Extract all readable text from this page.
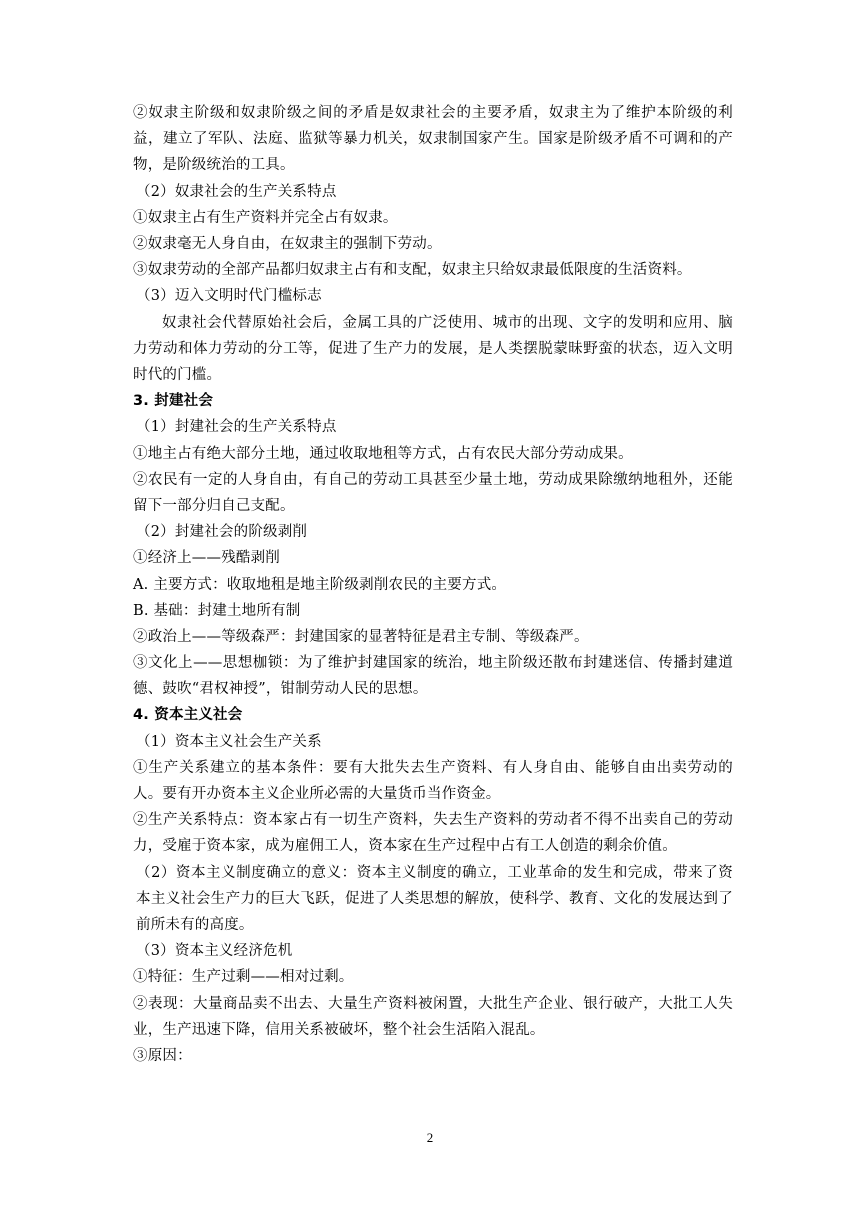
②奴隶主阶级和奴隶阶级之间的矛盾是奴隶社会的主要矛盾，奴隶主为了维护本阶级的利益，建立了军队、法庭、监狱等暴力机关，奴隶制国家产生。国家是阶级矛盾不可调和的产物，是阶级统治的工具。
（2）奴隶社会的生产关系特点
①奴隶主占有生产资料并完全占有奴隶。
②奴隶毫无人身自由，在奴隶主的强制下劳动。
③奴隶劳动的全部产品都归奴隶主占有和支配，奴隶主只给奴隶最低限度的生活资料。
（3）迈入文明时代门槛标志
奴隶社会代替原始社会后，金属工具的广泛使用、城市的出现、文字的发明和应用、脑力劳动和体力劳动的分工等，促进了生产力的发展，是人类摆脱蒙昧野蛮的状态，迈入文明时代的门槛。
3. 封建社会
（1）封建社会的生产关系特点
①地主占有绝大部分土地，通过收取地租等方式，占有农民大部分劳动成果。
②农民有一定的人身自由，有自己的劳动工具甚至少量土地，劳动成果除缴纳地租外，还能留下一部分归自己支配。
（2）封建社会的阶级剥削
①经济上——残酷剥削
A. 主要方式：收取地租是地主阶级剥削农民的主要方式。
B. 基础：封建土地所有制
②政治上——等级森严：封建国家的显著特征是君主专制、等级森严。
③文化上——思想枷锁：为了维护封建国家的统治，地主阶级还散布封建迷信、传播封建道德、鼓吹“君权神授”，钳制劳动人民的思想。
4. 资本主义社会
（1）资本主义社会生产关系
①生产关系建立的基本条件：要有大批失去生产资料、有人身自由、能够自由出卖劳动的人。要有开办资本主义企业所必需的大量货币当作资金。
②生产关系特点：资本家占有一切生产资料，失去生产资料的劳动者不得不出卖自己的劳动力，受雇于资本家，成为雇佣工人，资本家在生产过程中占有工人创造的剩余价值。
（2）资本主义制度确立的意义：资本主义制度的确立，工业革命的发生和完成，带来了资本主义社会生产力的巨大飞跃，促进了人类思想的解放，使科学、教育、文化的发展达到了前所未有的高度。
（3）资本主义经济危机
①特征：生产过剩——相对过剩。
②表现：大量商品卖不出去、大量生产资料被闲置，大批生产企业、银行破产，大批工人失业，生产迅速下降，信用关系被破坏，整个社会生活陷入混乱。
③原因：
2
